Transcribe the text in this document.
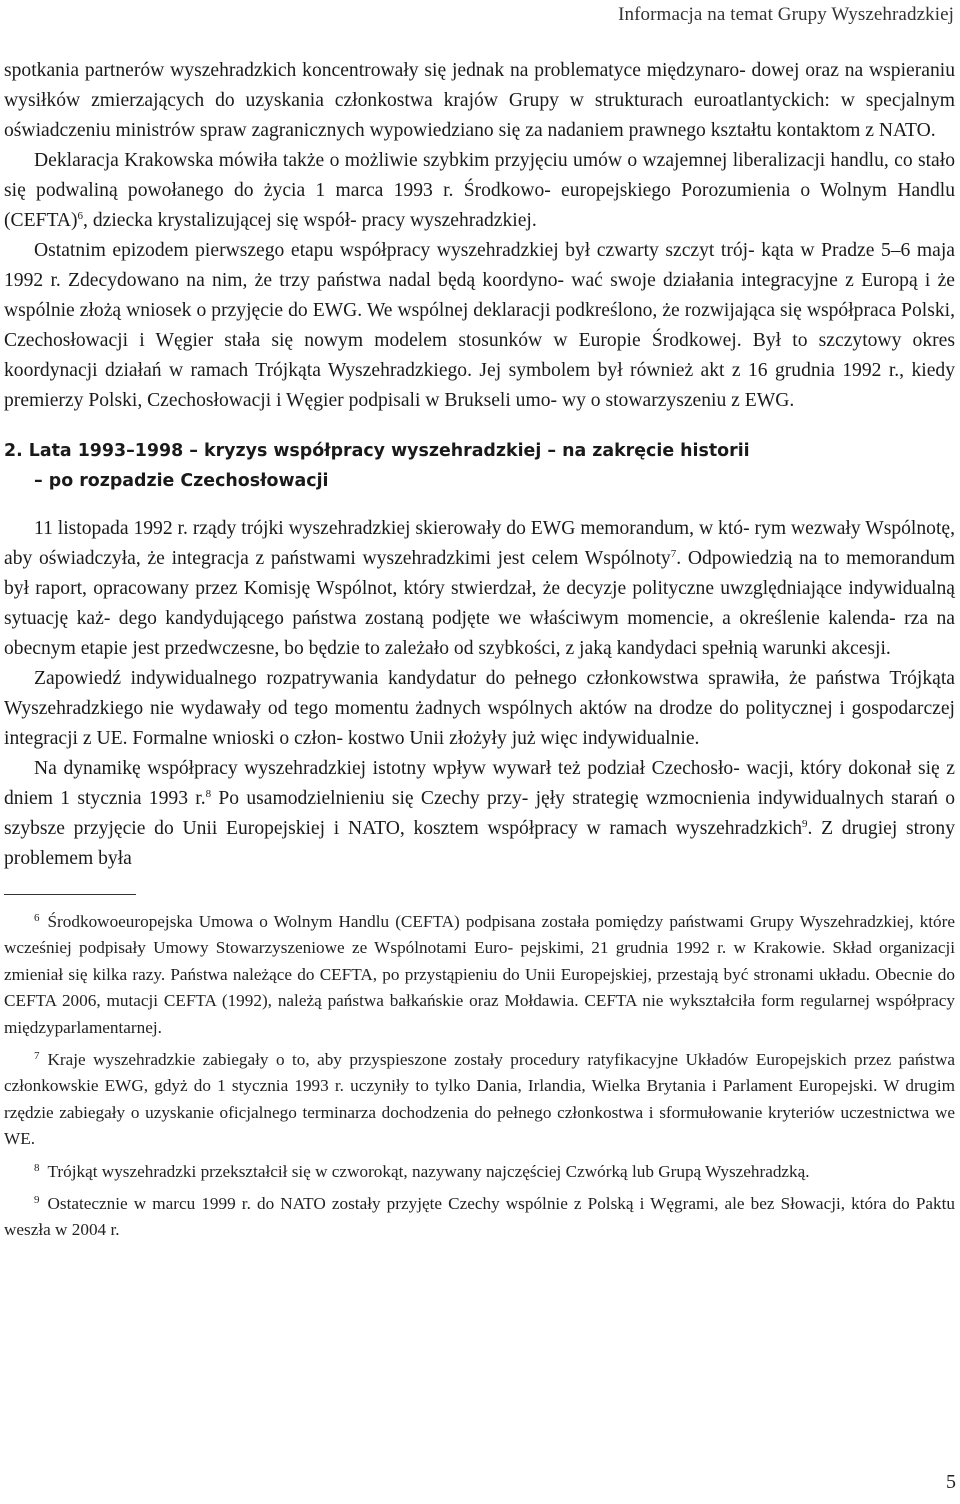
Informacja na temat Grupy Wyszehradzkiej

spotkania partnerów wyszehradzkich koncentrowały się jednak na problematyce międzynaro- dowej oraz na wspieraniu wysiłków zmierzających do uzyskania członkostwa krajów Grupy w strukturach euroatlantyckich: w specjalnym oświadczeniu ministrów spraw zagranicznych wypowiedziano się za nadaniem prawnego kształtu kontaktom z NATO.

Deklaracja Krakowska mówiła także o możliwie szybkim przyjęciu umów o wzajemnej liberalizacji handlu, co stało się podwaliną powołanego do życia 1 marca 1993 r. Środkowo- europejskiego Porozumienia o Wolnym Handlu (CEFTA)$^6$, dziecka krystalizującej się współ- pracy wyszehradzkiej.

Ostatnim epizodem pierwszego etapu współpracy wyszehradzkiej był czwarty szczyt trój- kąta w Pradze 5–6 maja 1992 r. Zdecydowano na nim, że trzy państwa nadal będą koordyno- wać swoje działania integracyjne z Europą i że wspólnie złożą wniosek o przyjęcie do EWG. We wspólnej deklaracji podkreślono, że rozwijająca się współpraca Polski, Czechosłowacji i Węgier stała się nowym modelem stosunków w Europie Środkowej. Był to szczytowy okres koordynacji działań w ramach Trójkąta Wyszehradzkiego. Jej symbolem był również akt z 16 grudnia 1992 r., kiedy premierzy Polski, Czechosłowacji i Węgier podpisali w Brukseli umo- wy o stowarzyszeniu z EWG.

2. Lata 1993–1998 – kryzys współpracy wyszehradzkiej – na zakręcie historii
– po rozpadzie Czechosłowacji

11 listopada 1992 r. rządy trójki wyszehradzkiej skierowały do EWG memorandum, w któ- rym wezwały Wspólnotę, aby oświadczyła, że integracja z państwami wyszehradzkimi jest celem Wspólnoty$^7$. Odpowiedzią na to memorandum był raport, opracowany przez Komisję Wspólnot, który stwierdzał, że decyzje polityczne uwzględniające indywidualną sytuację każ- dego kandydującego państwa zostaną podjęte we właściwym momencie, a określenie kalenda- rza na obecnym etapie jest przedwczesne, bo będzie to zależało od szybkości, z jaką kandydaci spełnią warunki akcesji.

Zapowiedź indywidualnego rozpatrywania kandydatur do pełnego członkowstwa sprawiła, że państwa Trójkąta Wyszehradzkiego nie wydawały od tego momentu żadnych wspólnych aktów na drodze do politycznej i gospodarczej integracji z UE. Formalne wnioski o człon- kostwo Unii złożyły już więc indywidualnie.

Na dynamikę współpracy wyszehradzkiej istotny wpływ wywarł też podział Czechosło- wacji, który dokonał się z dniem 1 stycznia 1993 r.$^8$ Po usamodzielnieniu się Czechy przy- jęły strategię wzmocnienia indywidualnych starań o szybsze przyjęcie do Unii Europejskiej i NATO, kosztem współpracy w ramach wyszehradzkich$^9$. Z drugiej strony problemem była

$^6$ Środkowoeuropejska Umowa o Wolnym Handlu (CEFTA) podpisana została pomiędzy państwami Grupy Wyszehradzkiej, które wcześniej podpisały Umowy Stowarzyszeniowe ze Wspólnotami Euro- pejskimi, 21 grudnia 1992 r. w Krakowie. Skład organizacji zmieniał się kilka razy. Państwa należące do CEFTA, po przystąpieniu do Unii Europejskiej, przestają być stronami układu. Obecnie do CEFTA 2006, mutacji CEFTA (1992), należą państwa bałkańskie oraz Mołdawia. CEFTA nie wykształciła form regularnej współpracy międzyparlamentarnej.

$^7$ Kraje wyszehradzkie zabiegały o to, aby przyspieszone zostały procedury ratyfikacyjne Układów Europejskich przez państwa członkowskie EWG, gdyż do 1 stycznia 1993 r. uczyniły to tylko Dania, Irlandia, Wielka Brytania i Parlament Europejski. W drugim rzędzie zabiegały o uzyskanie oficjalnego terminarza dochodzenia do pełnego członkostwa i sformułowanie kryteriów uczestnictwa we WE.

$^8$ Trójkąt wyszehradzki przekształcił się w czworokąt, nazywany najczęściej Czwórką lub Grupą Wyszehradzką.

$^9$ Ostatecznie w marcu 1999 r. do NATO zostały przyjęte Czechy wspólnie z Polską i Węgrami, ale bez Słowacji, która do Paktu weszła w 2004 r.

5
